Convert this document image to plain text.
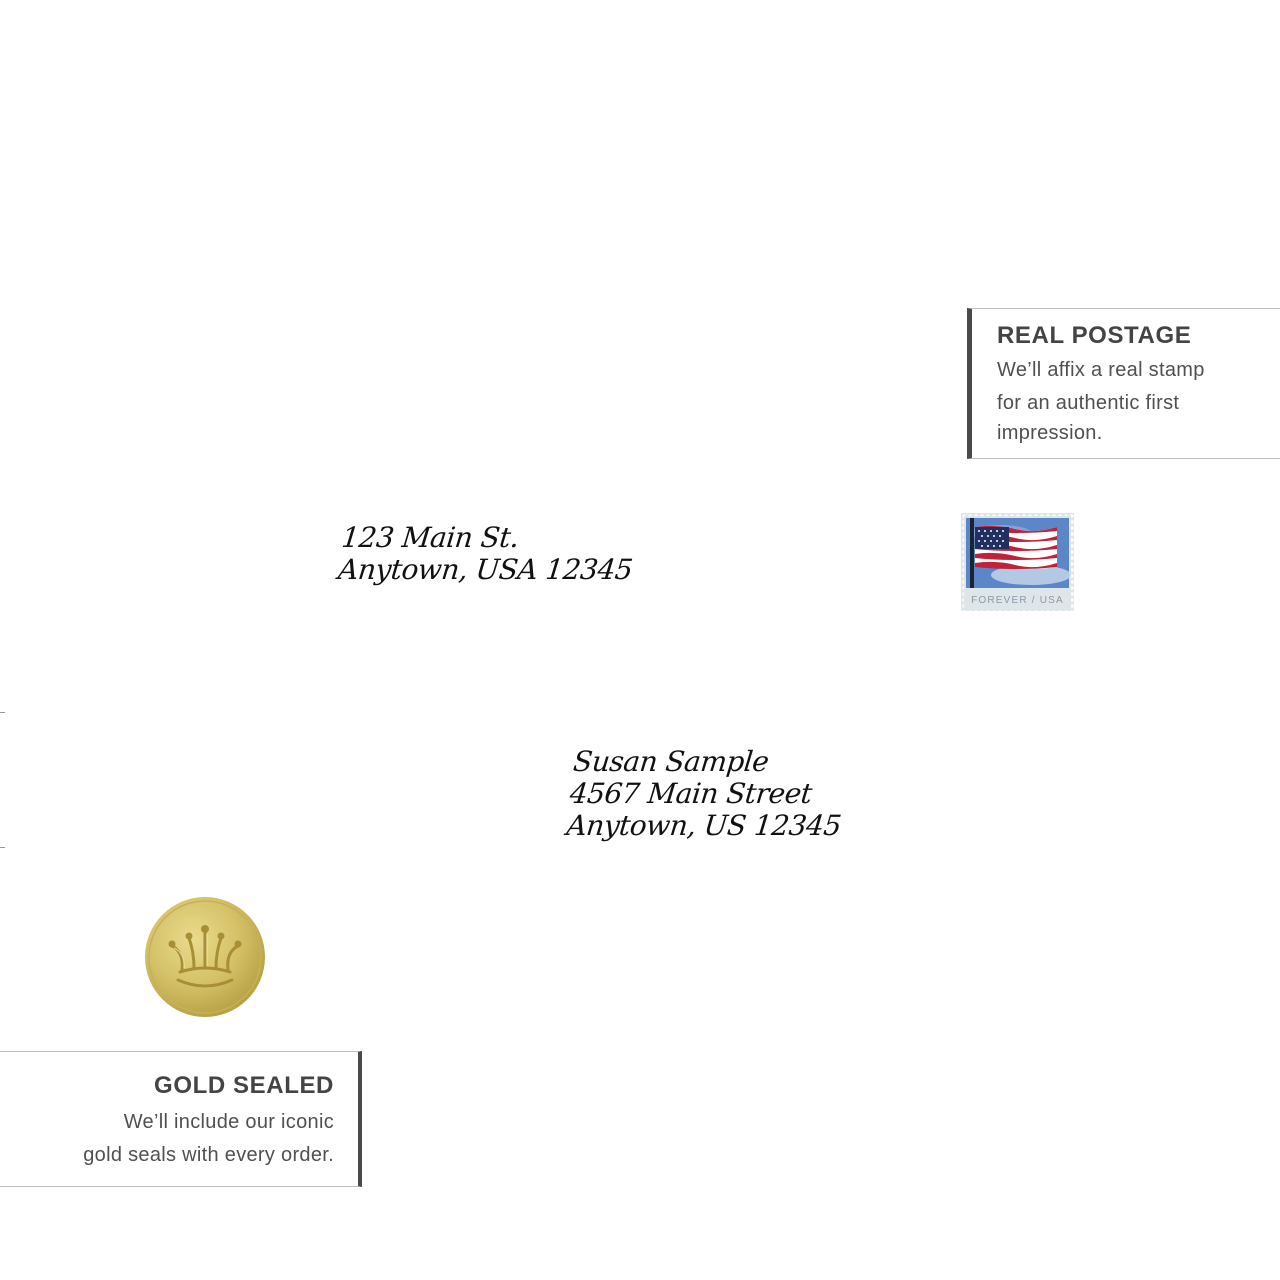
REAL POSTAGE
We’ll affix a real stamp
for an authentic first
impression.
123 Main St.
Anytown, USA 12345
FOREVER / USA
Susan Sample
4567 Main Street
Anytown, US 12345
GOLD SEALED
We’ll include our iconic
gold seals with every order.
